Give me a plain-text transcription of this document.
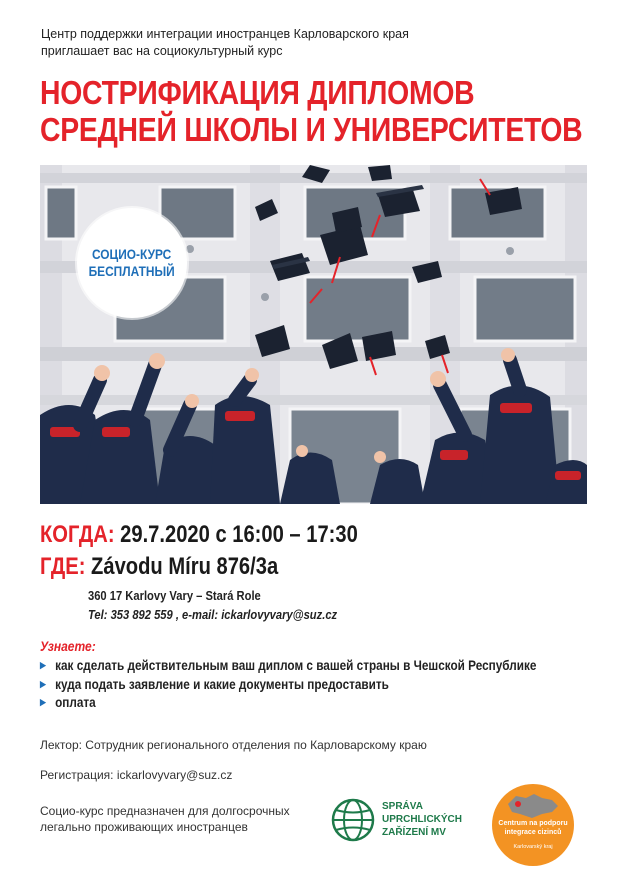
Центр поддержки интеграции иностранцев Карловарского края
приглашает вас на социокультурный курс
НОСТРИФИКАЦИЯ ДИПЛОМОВ
СРЕДНЕЙ ШКОЛЫ И УНИВЕРСИТЕТОВ
СОЦИО-КУРС
БЕСПЛАТНЫЙ
КОГДА: 29.7.2020 с 16:00 – 17:30
ГДЕ: Závodu Míru 876/3a
360 17 Karlovy Vary – Stará Role
Tel: 353 892 559 , e-mail: ickarlovyvary@suz.cz
Узнаете:
▶ как сделать действительным ваш диплом с вашей страны в Чешской Республике
▶ куда подать заявление и какие документы предоставить
▶ оплата
Лектор: Сотрудник регионального отделения по Карловарскому краю
Регистрация: ickarlovyvary@suz.cz
Социо-курс предназначен для долгосрочных
легально проживающих иностранцев
SPRÁVA
UPRCHLICKÝCH
ZAŘÍZENÍ MV
Centrum na podporu
integrace cizinců
Karlovarský kraj
